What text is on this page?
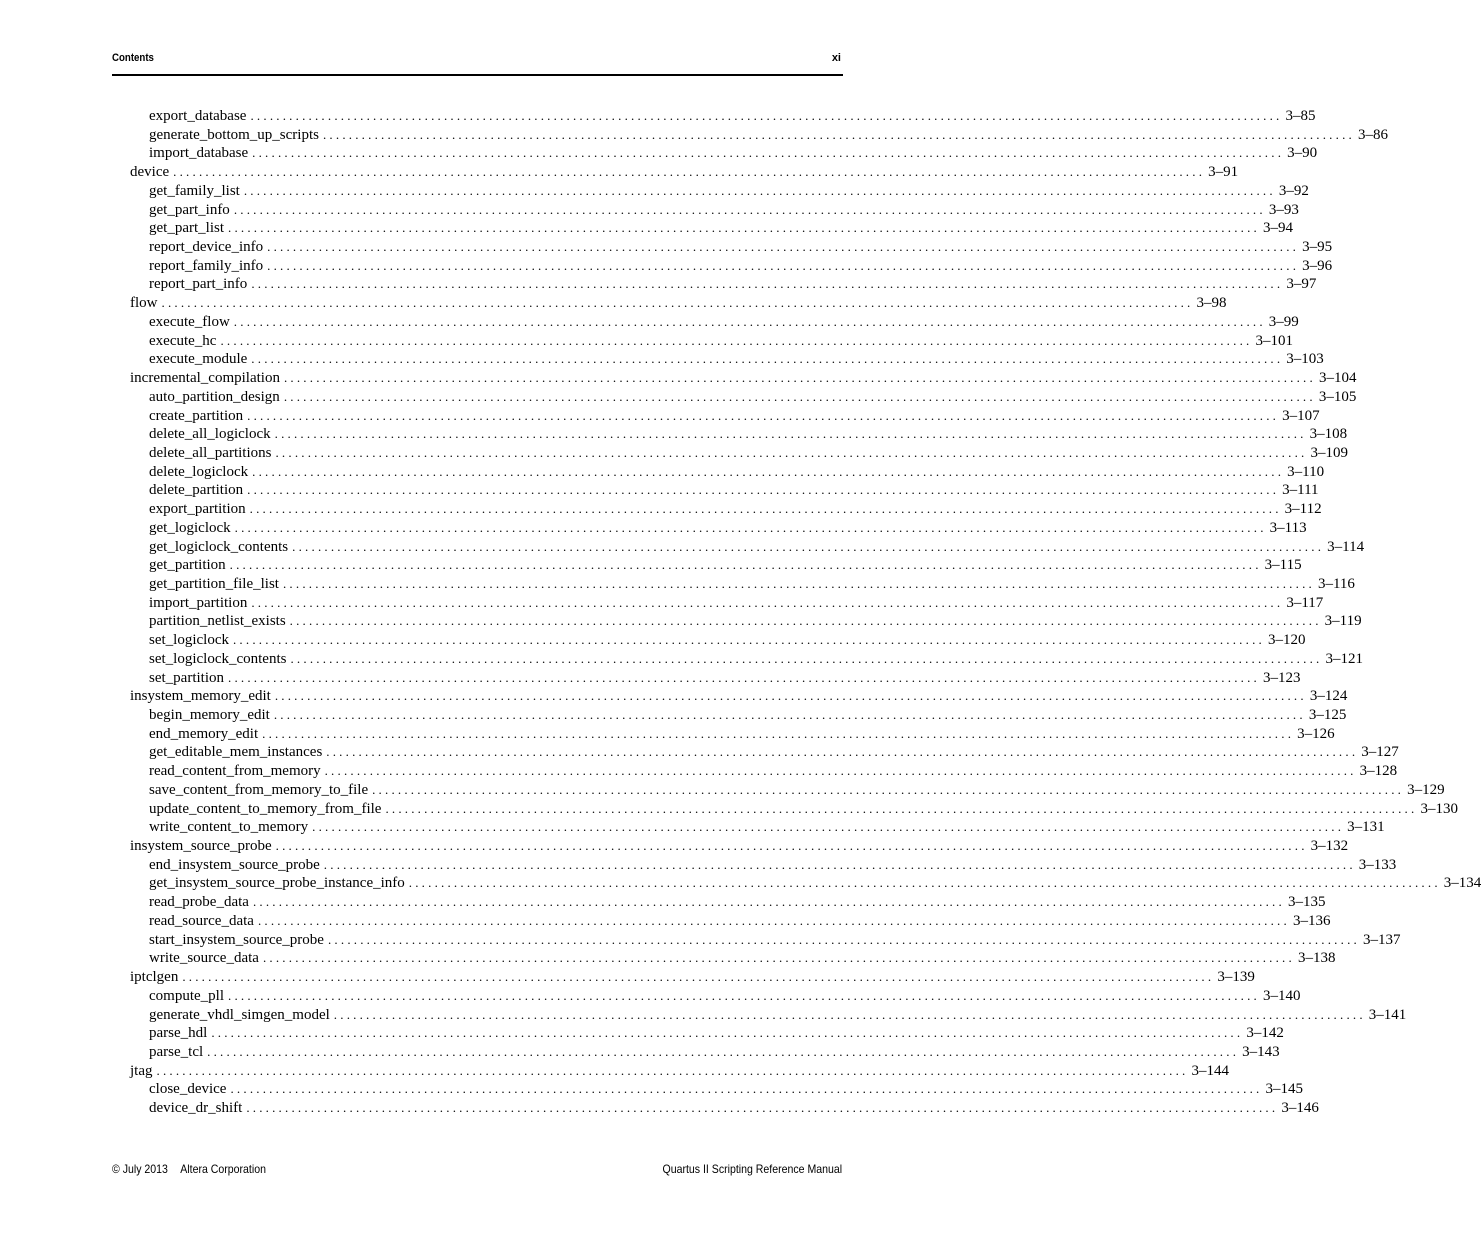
Contents	xi
export_database ................................................................................................................................................................ 3–85
generate_bottom_up_scripts ................................................................................................................................................................ 3–86
import_database ................................................................................................................................................................ 3–90
device ................................................................................................................................................................ 3–91
get_family_list ................................................................................................................................................................ 3–92
get_part_info ................................................................................................................................................................ 3–93
get_part_list ................................................................................................................................................................ 3–94
report_device_info ................................................................................................................................................................ 3–95
report_family_info ................................................................................................................................................................ 3–96
report_part_info ................................................................................................................................................................ 3–97
flow ................................................................................................................................................................ 3–98
execute_flow ................................................................................................................................................................ 3–99
execute_hc ................................................................................................................................................................ 3–101
execute_module ................................................................................................................................................................ 3–103
incremental_compilation ................................................................................................................................................................ 3–104
auto_partition_design ................................................................................................................................................................ 3–105
create_partition ................................................................................................................................................................ 3–107
delete_all_logiclock ................................................................................................................................................................ 3–108
delete_all_partitions ................................................................................................................................................................ 3–109
delete_logiclock ................................................................................................................................................................ 3–110
delete_partition ................................................................................................................................................................ 3–111
export_partition ................................................................................................................................................................ 3–112
get_logiclock ................................................................................................................................................................ 3–113
get_logiclock_contents ................................................................................................................................................................ 3–114
get_partition ................................................................................................................................................................ 3–115
get_partition_file_list ................................................................................................................................................................ 3–116
import_partition ................................................................................................................................................................ 3–117
partition_netlist_exists ................................................................................................................................................................ 3–119
set_logiclock ................................................................................................................................................................ 3–120
set_logiclock_contents ................................................................................................................................................................ 3–121
set_partition ................................................................................................................................................................ 3–123
insystem_memory_edit ................................................................................................................................................................ 3–124
begin_memory_edit ................................................................................................................................................................ 3–125
end_memory_edit ................................................................................................................................................................ 3–126
get_editable_mem_instances ................................................................................................................................................................ 3–127
read_content_from_memory ................................................................................................................................................................ 3–128
save_content_from_memory_to_file ................................................................................................................................................................ 3–129
update_content_to_memory_from_file ................................................................................................................................................................ 3–130
write_content_to_memory ................................................................................................................................................................ 3–131
insystem_source_probe ................................................................................................................................................................ 3–132
end_insystem_source_probe ................................................................................................................................................................ 3–133
get_insystem_source_probe_instance_info ................................................................................................................................................................ 3–134
read_probe_data ................................................................................................................................................................ 3–135
read_source_data ................................................................................................................................................................ 3–136
start_insystem_source_probe ................................................................................................................................................................ 3–137
write_source_data ................................................................................................................................................................ 3–138
iptclgen ................................................................................................................................................................ 3–139
compute_pll ................................................................................................................................................................ 3–140
generate_vhdl_simgen_model ................................................................................................................................................................ 3–141
parse_hdl ................................................................................................................................................................ 3–142
parse_tcl ................................................................................................................................................................ 3–143
jtag ................................................................................................................................................................ 3–144
close_device ................................................................................................................................................................ 3–145
device_dr_shift ................................................................................................................................................................ 3–146
© July 2013 Altera Corporation	Quartus II Scripting Reference Manual
